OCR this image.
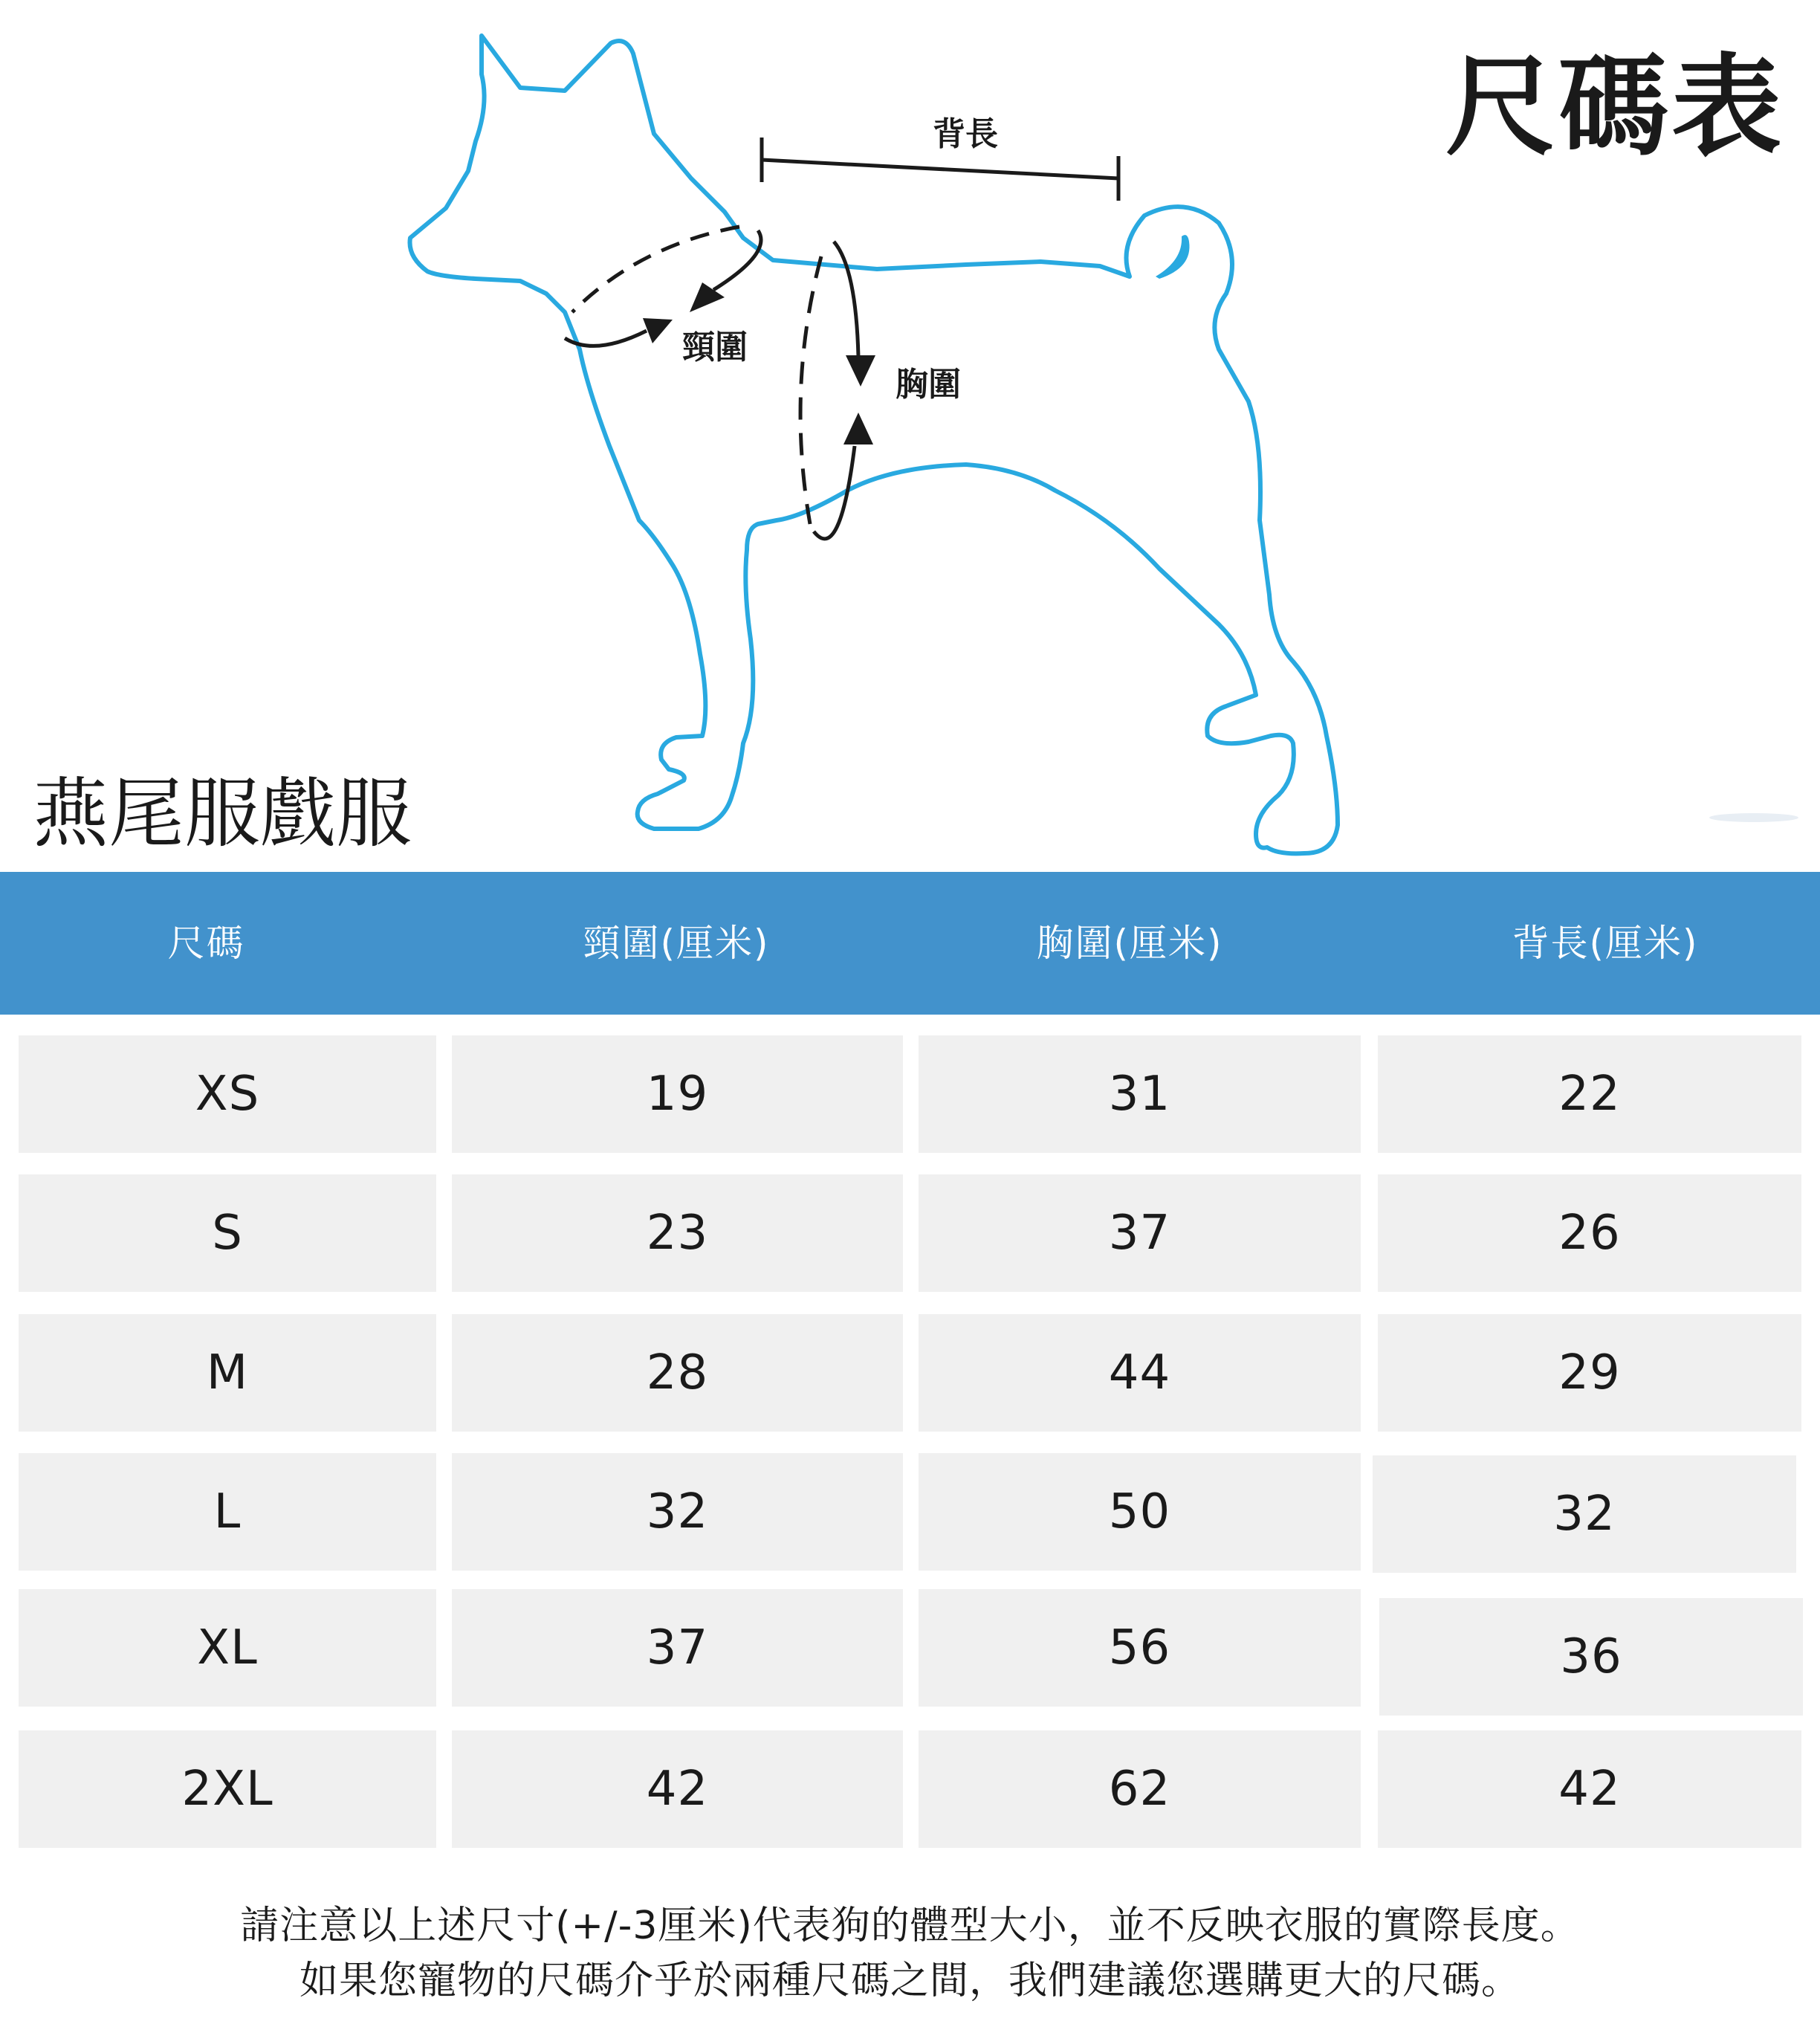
背長
頸圍
胸圍
尺碼表
燕尾服戲服
尺碼	頸圍(厘米)	胸圍(厘米)	背長(厘米)
XS	19	31	22
S	23	37	26
M	28	44	29
L	32	50	32
XL	37	56	36
2XL	42	62	42
請注意以上述尺寸(+/-3厘米)代表狗的體型大小，並不反映衣服的實際長度。
如果您寵物的尺碼介乎於兩種尺碼之間，我們建議您選購更大的尺碼。
